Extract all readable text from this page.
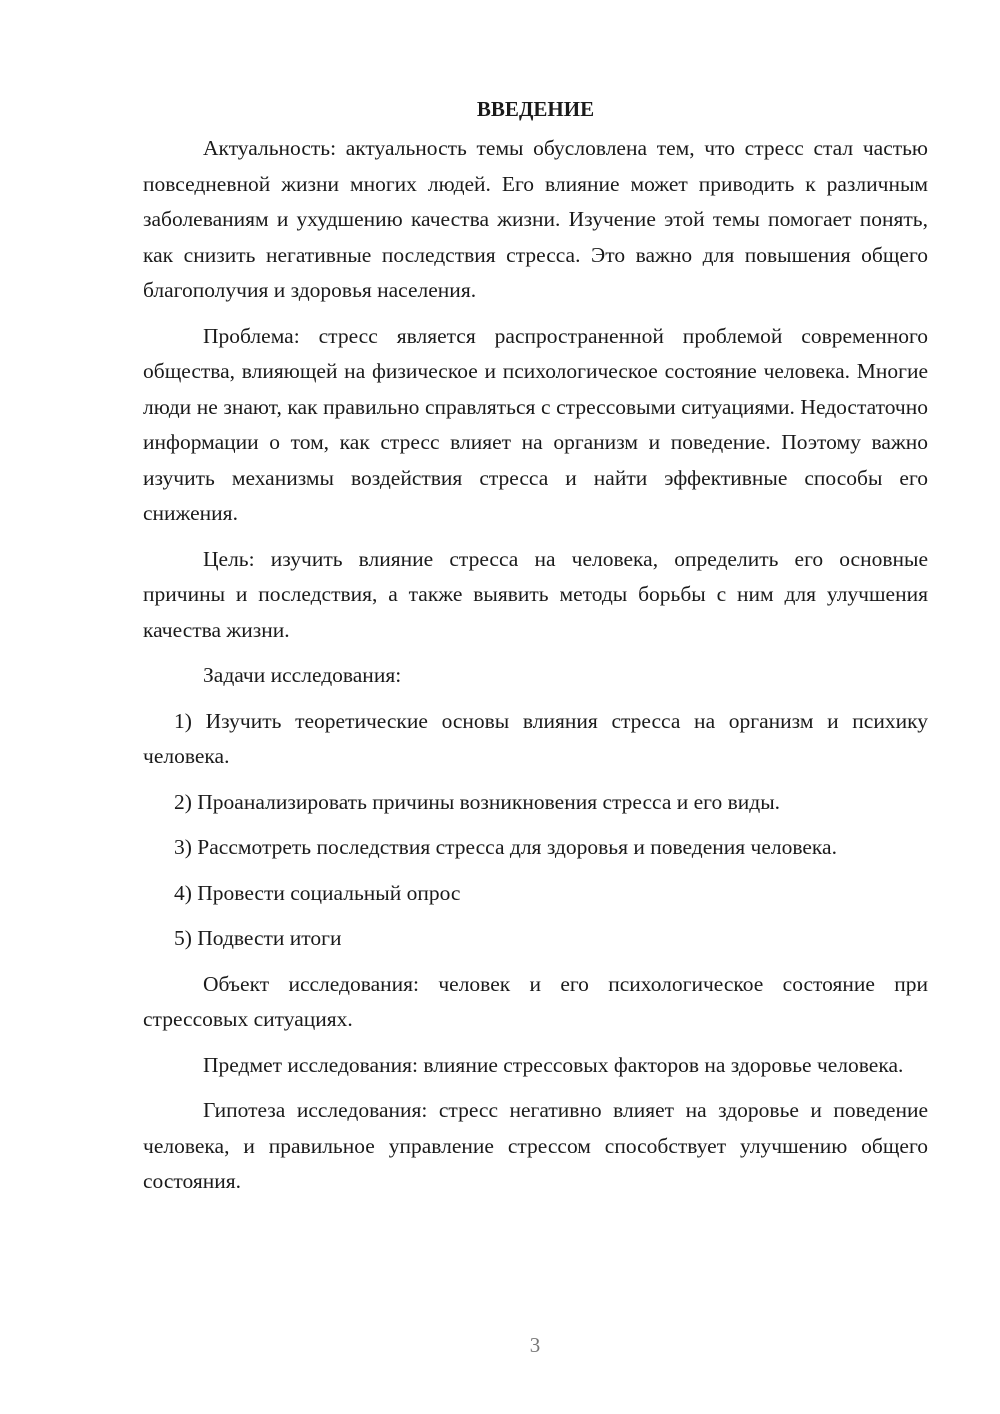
ВВЕДЕНИЕ

Актуальность: актуальность темы обусловлена тем, что стресс стал частью повседневной жизни многих людей. Его влияние может приводить к различным заболеваниям и ухудшению качества жизни. Изучение этой темы помогает понять, как снизить негативные последствия стресса. Это важно для повышения общего благополучия и здоровья населения.

Проблема: стресс является распространенной проблемой современного общества, влияющей на физическое и психологическое состояние человека. Многие люди не знают, как правильно справляться с стрессовыми ситуациями. Недостаточно информации о том, как стресс влияет на организм и поведение. Поэтому важно изучить механизмы воздействия стресса и найти эффективные способы его снижения.

Цель: изучить влияние стресса на человека, определить его основные причины и последствия, а также выявить методы борьбы с ним для улучшения качества жизни.

Задачи исследования:

1) Изучить теоретические основы влияния стресса на организм и психику человека.

2) Проанализировать причины возникновения стресса и его виды.

3) Рассмотреть последствия стресса для здоровья и поведения человека.

4) Провести социальный опрос

5) Подвести итоги

Объект исследования: человек и его психологическое состояние при стрессовых ситуациях.

Предмет исследования: влияние стрессовых факторов на здоровье человека.

Гипотеза исследования: стресс негативно влияет на здоровье и поведение человека, и правильное управление стрессом способствует улучшению общего состояния.

3
